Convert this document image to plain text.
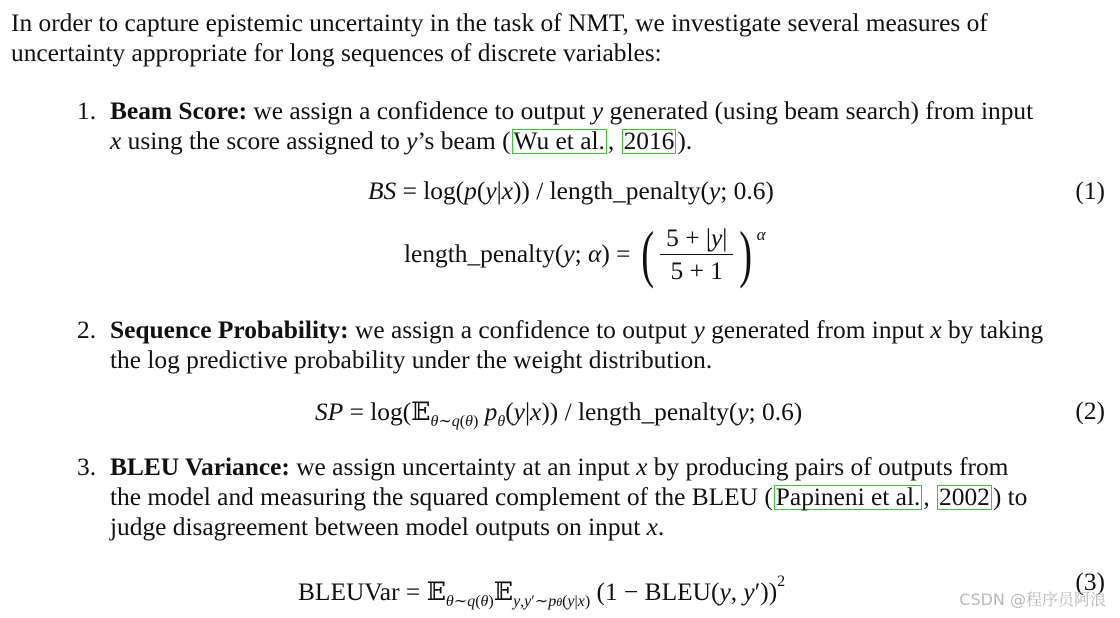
In order to capture epistemic uncertainty in the task of NMT, we investigate several measures of
uncertainty appropriate for long sequences of discrete variables:
1. Beam Score: we assign a confidence to output y generated (using beam search) from input
x using the score assigned to y’s beam ( Wu et al. , 2016 ).
BS = log(p(y|x)) / length_penalty(y; 0.6)	(1)
length_penalty(y; α) = ( $\frac{5 + |y|}{5 + 1}$ ) α
2. Sequence Probability: we assign a confidence to output y generated from input x by taking
the log predictive probability under the weight distribution.
SP = log(𝔼$_{\theta\sim q(\theta)}$ $p_\theta(y|x)$) / length_penalty(y; 0.6)	(2)
3. BLEU Variance: we assign uncertainty at an input x by producing pairs of outputs from
the model and measuring the squared complement of the BLEU ( Papineni et al. , 2002 ) to
judge disagreement between model outputs on input x.
BLEUVar = 𝔼$_{\theta\sim q(\theta)}$𝔼$_{y,y'\sim p\theta(y|x)}$ (1 − BLEU(y, y′))$^2$	(3)
CSDN @程序员阿浪
